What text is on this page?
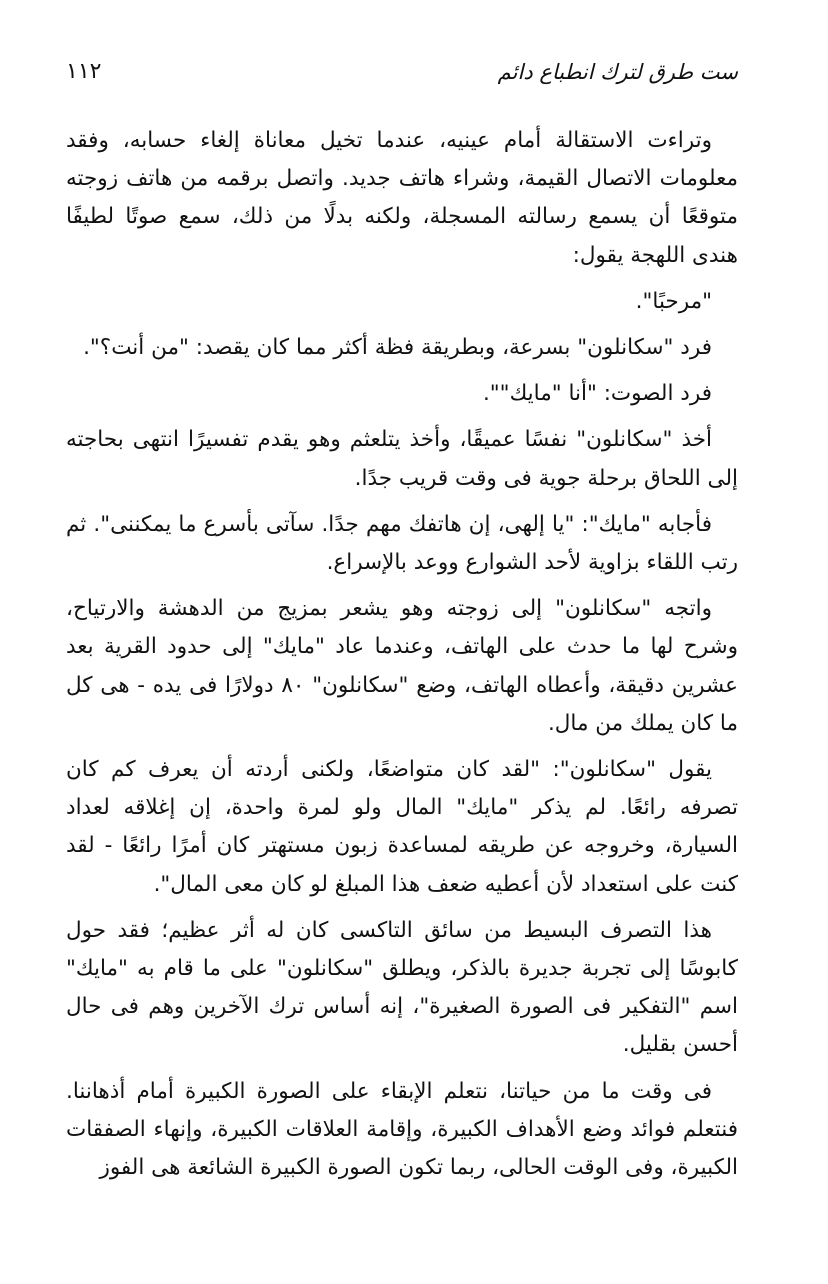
١١٢	ست طرق لترك انطباع دائم

وتراءت الاستقالة أمام عينيه، عندما تخيل معاناة إلغاء حسابه، وفقد معلومات الاتصال القيمة، وشراء هاتف جديد. واتصل برقمه من هاتف زوجته متوقعًا أن يسمع رسالته المسجلة، ولكنه بدلًا من ذلك، سمع صوتًا لطيفًا هندى اللهجة يقول:

"مرحبًا".

فرد "سكانلون" بسرعة، وبطريقة فظة أكثر مما كان يقصد: "من أنت؟".

فرد الصوت: "أنا "مايك"".

أخذ "سكانلون" نفسًا عميقًا، وأخذ يتلعثم وهو يقدم تفسيرًا انتهى بحاجته إلى اللحاق برحلة جوية فى وقت قريب جدًا.

فأجابه "مايك": "يا إلهى، إن هاتفك مهم جدًا. سآتى بأسرع ما يمكننى". ثم رتب اللقاء بزاوية لأحد الشوارع ووعد بالإسراع.

واتجه "سكانلون" إلى زوجته وهو يشعر بمزيج من الدهشة والارتياح، وشرح لها ما حدث على الهاتف، وعندما عاد "مايك" إلى حدود القرية بعد عشرين دقيقة، وأعطاه الهاتف، وضع "سكانلون" ٨٠ دولارًا فى يده - هى كل ما كان يملك من مال.

يقول "سكانلون": "لقد كان متواضعًا، ولكنى أردته أن يعرف كم كان تصرفه رائعًا. لم يذكر "مايك" المال ولو لمرة واحدة، إن إغلاقه لعداد السيارة، وخروجه عن طريقه لمساعدة زبون مستهتر كان أمرًا رائعًا - لقد كنت على استعداد لأن أعطيه ضعف هذا المبلغ لو كان معى المال".

هذا التصرف البسيط من سائق التاكسى كان له أثر عظيم؛ فقد حول كابوسًا إلى تجربة جديرة بالذكر، ويطلق "سكانلون" على ما قام به "مايك" اسم "التفكير فى الصورة الصغيرة"، إنه أساس ترك الآخرين وهم فى حال أحسن بقليل.

فى وقت ما من حياتنا، نتعلم الإبقاء على الصورة الكبيرة أمام أذهاننا. فنتعلم فوائد وضع الأهداف الكبيرة، وإقامة العلاقات الكبيرة، وإنهاء الصفقات الكبيرة، وفى الوقت الحالى، ربما تكون الصورة الكبيرة الشائعة هى الفوز
